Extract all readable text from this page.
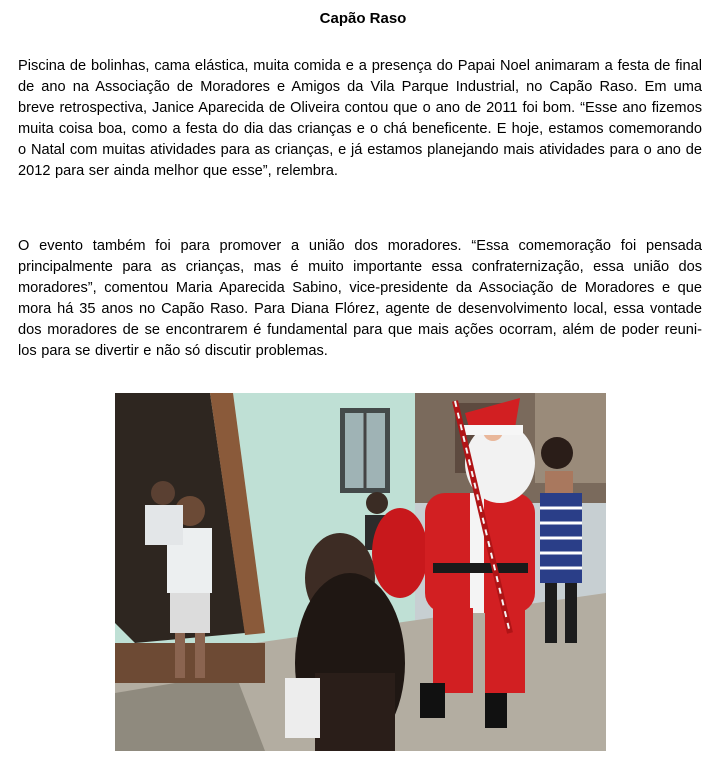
Capão Raso
Piscina de bolinhas, cama elástica, muita comida e a presença do Papai Noel animaram a festa de final de ano na Associação de Moradores e Amigos da Vila Parque Industrial, no Capão Raso. Em uma breve retrospectiva, Janice Aparecida de Oliveira contou que o ano de 2011 foi bom. “Esse ano fizemos muita coisa boa, como a festa do dia das crianças e o chá beneficente. E hoje, estamos comemorando o Natal com muitas atividades para as crianças, e já estamos planejando mais atividades para o ano de 2012 para ser ainda melhor que esse”, relembra.
O evento também foi para promover a união dos moradores. “Essa comemoração foi pensada principalmente para as crianças, mas é muito importante essa confraternização, essa união dos moradores”, comentou Maria Aparecida Sabino, vice-presidente da Associação de Moradores e que mora há 35 anos no Capão Raso. Para Diana Flórez, agente de desenvolvimento local, essa vontade dos moradores de se encontrarem é fundamental para que mais ações ocorram, além de poder reuni-los para se divertir e não só discutir problemas.
